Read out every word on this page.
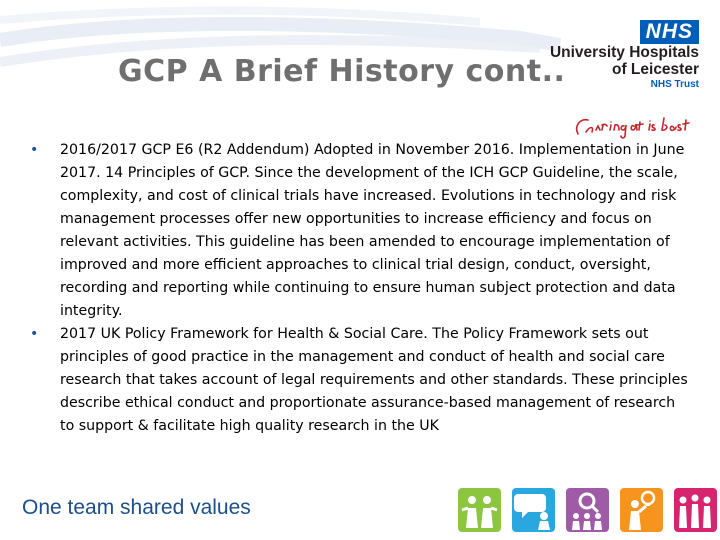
GCP A Brief History cont..
NHS
University Hospitals
of Leicester
NHS Trust
•	2016/2017 GCP E6 (R2 Addendum) Adopted in November 2016. Implementation in June 2017. 14 Principles of GCP. Since the development of the ICH GCP Guideline, the scale, complexity, and cost of clinical trials have increased. Evolutions in technology and risk management processes offer new opportunities to increase efficiency and focus on relevant activities. This guideline has been amended to encourage implementation of improved and more efficient approaches to clinical trial design, conduct, oversight, recording and reporting while continuing to ensure human subject protection and data integrity.
•	2017 UK Policy Framework for Health & Social Care. The Policy Framework sets out principles of good practice in the management and conduct of health and social care research that takes account of legal requirements and other standards. These principles describe ethical conduct and proportionate assurance-based management of research to support & facilitate high quality research in the UK
One team shared values
